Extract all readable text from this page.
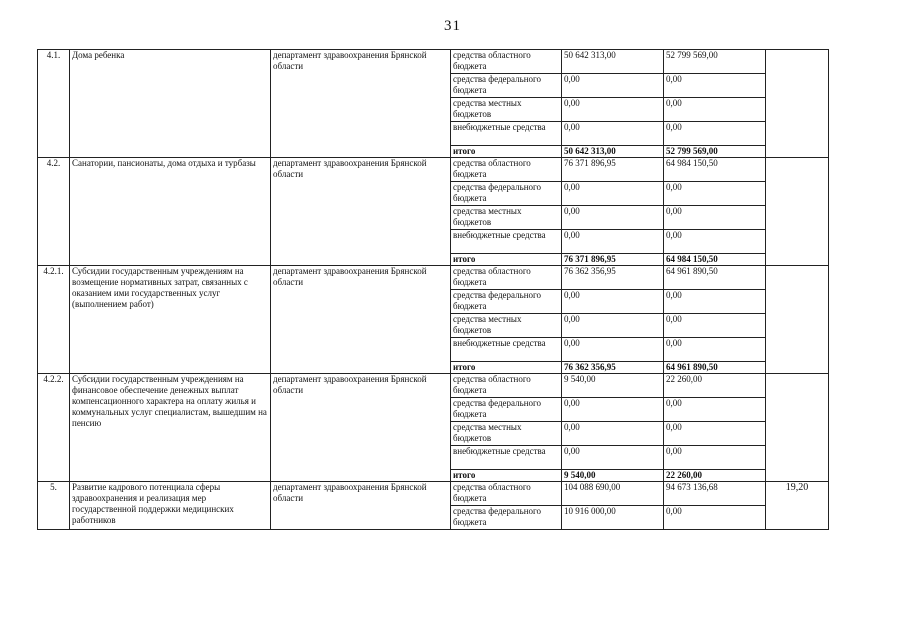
31
4.1.	Дома ребенка	департамент здравоохранения Брянской области	средства областного бюджета	50 642 313,00	52 799 569,00	
			средства федерального бюджета	0,00	0,00	
			средства местных бюджетов	0,00	0,00	
			внебюджетные средства	0,00	0,00	
			итого	50 642 313,00	52 799 569,00	
4.2.	Санатории, пансионаты, дома отдыха и турбазы	департамент здравоохранения Брянской области	средства областного бюджета	76 371 896,95	64 984 150,50	
			средства федерального бюджета	0,00	0,00	
			средства местных бюджетов	0,00	0,00	
			внебюджетные средства	0,00	0,00	
			итого	76 371 896,95	64 984 150,50	
4.2.1.	Субсидии государственным учреждениям на возмещение нормативных затрат, связанных с оказанием ими государственных услуг (выполнением работ)	департамент здравоохранения Брянской области	средства областного бюджета	76 362 356,95	64 961 890,50	
			средства федерального бюджета	0,00	0,00	
			средства местных бюджетов	0,00	0,00	
			внебюджетные средства	0,00	0,00	
			итого	76 362 356,95	64 961 890,50	
4.2.2.	Субсидии государственным учреждениям на финансовое обеспечение денежных выплат компенсационного характера на оплату жилья и коммунальных услуг специалистам, вышедшим на пенсию	департамент здравоохранения Брянской области	средства областного бюджета	9 540,00	22 260,00	
			средства федерального бюджета	0,00	0,00	
			средства местных бюджетов	0,00	0,00	
			внебюджетные средства	0,00	0,00	
			итого	9 540,00	22 260,00	
5.	Развитие кадрового потенциала сферы здравоохранения и реализация мер государственной поддержки медицинских работников	департамент здравоохранения Брянской области	средства областного бюджета	104 088 690,00	94 673 136,68	19,20
			средства федерального бюджета	10 916 000,00	0,00	
